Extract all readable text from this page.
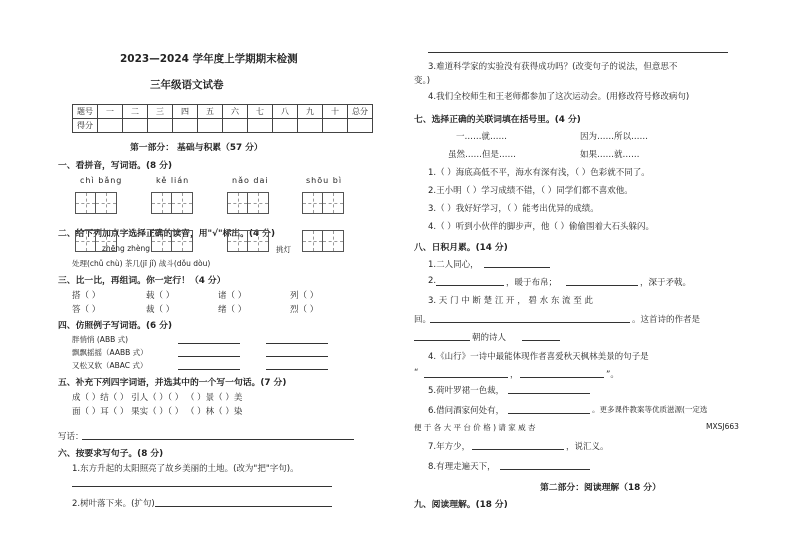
2023—2024 学年度上学期期末检测
三年级语文试卷
题号	一	二	三	四	五	六	七	八	九	十	总分
得分											
第一部分： 基础与积累（57 分）
一、看拼音，写词语。(8 分)
chì bǎng	kě lián	nǎo dai	shōu bì
二、给下列加点字选择正确的读音，用"√"标出。(4 分)
zhēng zhèng	挑灯
处理(chǔ chù) 茶几(jī jǐ) 战斗(dǒu dòu)
三、比一比，再组词。你一定行！（4 分）
搭（ ）	载（ ）	诸（ ）	列（ ）
答（ ）	裁（ ）	绪（ ）	烈（ ）
四、仿照例子写词语。(6 分)
胖悄悄 (ABB 式)
飘飘摇摇（AABB 式）
又松又软（ABAC 式）
五、补充下列四字词语，并选其中的一个写一句话。(7 分)
成（ ）结（ ） 引人（ ）（ ） （ ）景（ ）美
面（ ）耳（ ） 果实（ ）（ ） （ ）林（ ）染
写话：
六、按要求写句子。(8 分)
1.东方升起的太阳照亮了故乡美丽的土地。(改为"把"字句)。
2.树叶落下来。(扩句)
3.难道科学家的实验没有获得成功吗？(改变句子的说法，但意思不
变。)
4.我们全校师生和王老师都参加了这次运动会。(用修改符号修改病句)
七、选择正确的关联词填在括号里。(4 分)
一……就……	因为……所以……
虽然……但是……	如果……就……
1.（ ）海底高低不平，海水有深有浅，（ ）色彩就不同了。
2.王小明（ ）学习成绩不错，（ ）同学们都不喜欢他。
3.（ ）我好好学习，（ ）能考出优异的成绩。
4.（ ）听到小伙伴的脚步声，他（ ）偷偷围着大石头躲闪。
八、日积月累。(14 分)
1.二人同心，
2.	，暖于布帛；	，深于矛戟。
3. 天 门 中 断 楚 江 开 ， 碧 水 东 流 至 此
回。	。这首诗的作者是
朝的诗人
4.《山行》一诗中最能体现作者喜爱秋天枫林美景的句子是
“	，	”。
5.荷叶罗裙一色裁，
6.借问酒家何处有，	。更多课件教案等优质滋源(一定选
便 于 各 大 平 台 价 格 ) 请 家 威 杏	MXSJ663
7.年方少，	，说汇义。
8.有理走遍天下，
第二部分：阅读理解（18 分）
九、阅读理解。(18 分)
